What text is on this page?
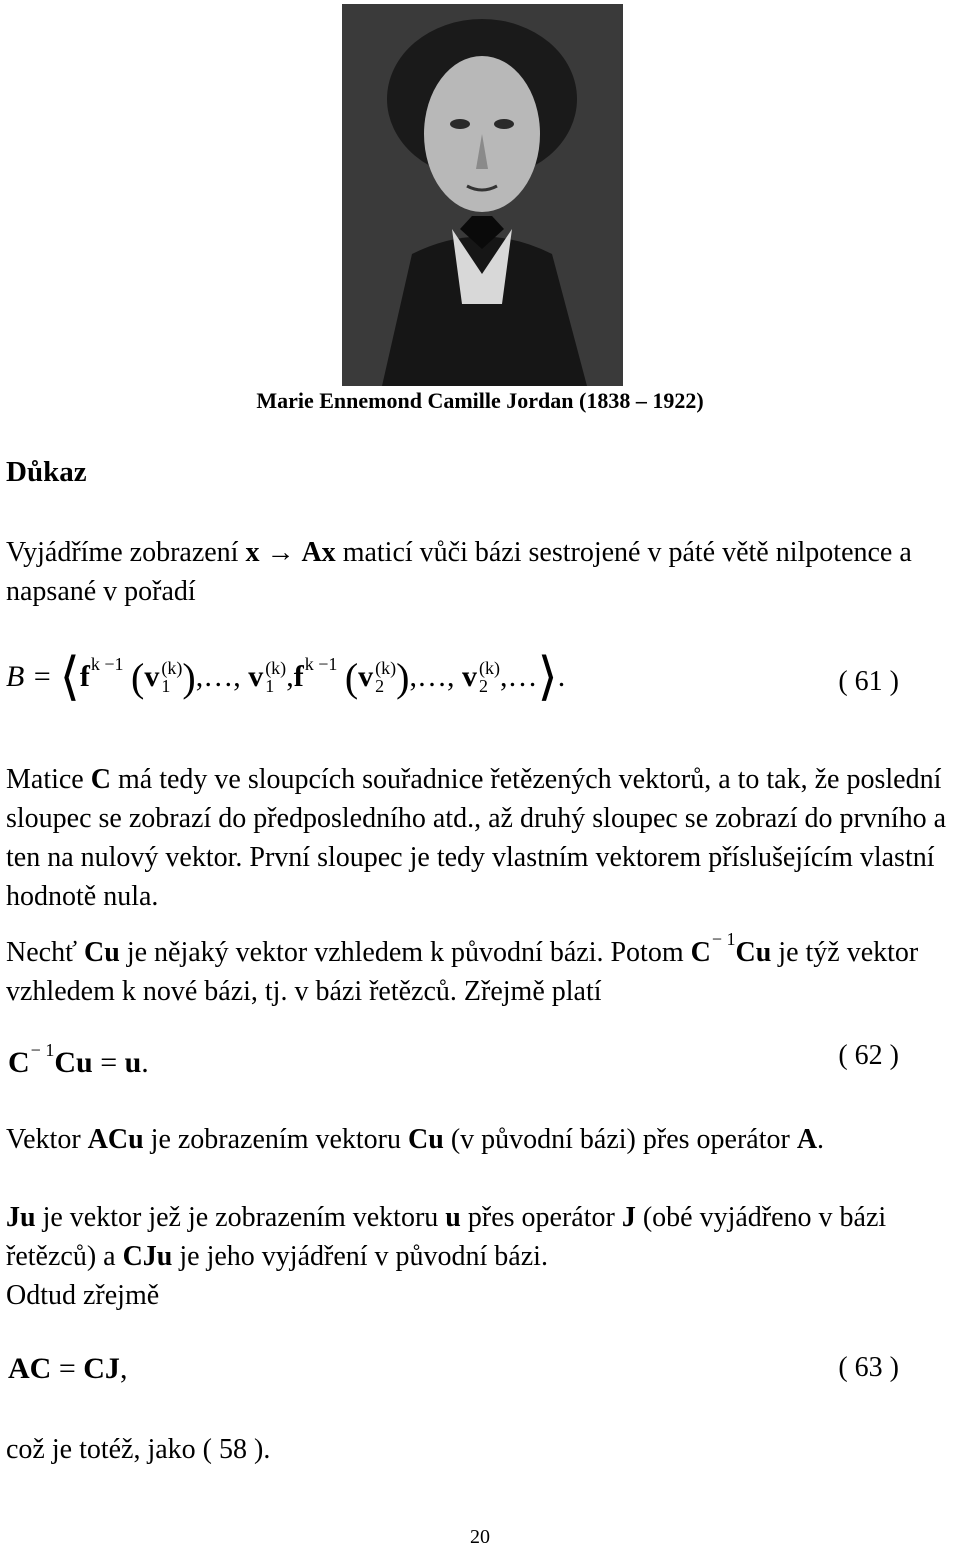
Marie Ennemond Camille Jordan (1838 – 1922)
Důkaz
Vyjádříme zobrazení x → Ax maticí vůči bázi sestrojené v páté větě nilpotence a napsané v pořadí
$B = ⟨f^{k -1}$ (v (k)
1 ),…, v (k)
1 $,f^{k -1}$ (v (k)
2 ),…, v (k)
2 ,…⟩.	( 61 )
Matice C má tedy ve sloupcích souřadnice řetězených vektorů, a to tak, že poslední sloupec se zobrazí do předposledního atd., až druhý sloupec se zobrazí do prvního a ten na nulový vektor. První sloupec je tedy vlastním vektorem příslušejícím vlastní hodnotě nula.
Nechť Cu je nějaký vektor vzhledem k původní bázi. Potom $C^{- 1}Cu$ je týž vektor vzhledem k nové bázi, tj. v bázi řetězců. Zřejmě platí
$C^{- 1}Cu = u$.	( 62 )
Vektor ACu je zobrazením vektoru Cu (v původní bázi) přes operátor A.
Ju je vektor jež je zobrazením vektoru u přes operátor J (obé vyjádřeno v bázi řetězců) a CJu je jeho vyjádření v původní bázi.
Odtud zřejmě
AC = CJ,	( 63 )
což je totéž, jako ( 58 ).
20
